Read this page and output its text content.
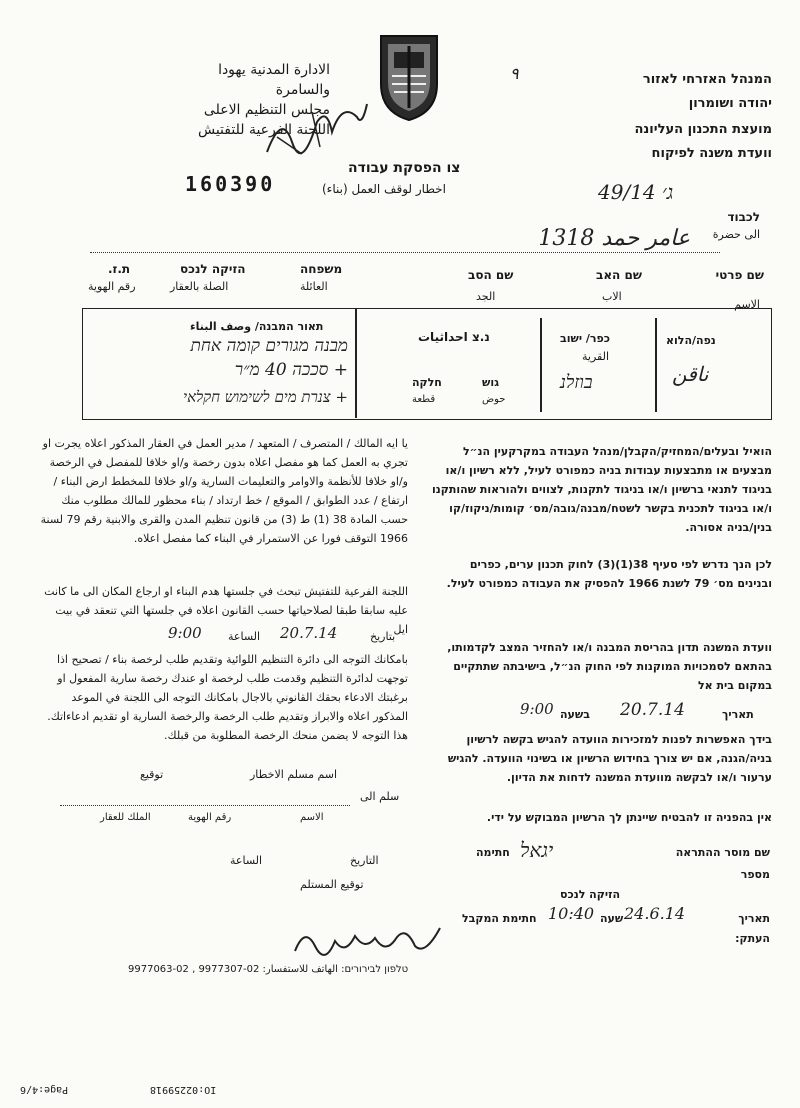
המנהל האזרחי לאזור
יהודה ושומרון
מועצת התכנון העליונה
וועדת משנה לפיקוח
٩
الادارة المدنية يهودا
والسامرة
مجلس التنظيم الاعلى
اللجنة الفرعية للتفتيش
צו הפסקת עבודה
اخطار لوقف العمل (بناء)
160390	ג׳ 49/14
לכבוד
الى حضرة
عامر حمد 1318
שם פרטי
الاسم
שם האב
الاب
שם הסב
الجد
משפחה
العائلة
הזיקה לנכס
الصلة بالعقار
ת.ז.
رقم الهوية
נפה/הלוא
ناقن
כפר/ ישוב
القرية
בוזלנ
נ.צ احداثيات
גוש
حوض
חלקה
قطعة
תאור המבנה/ وصف البناء
מבנה מגורים קומה אחת
+ סככה 40 מ״ר
+ צנרת מים לשימוש חקלאי
הואיל ובעלים/המחזיק/הקבלן/מנהל העבודה במקרקעין הנ״ל מבצעים או מתבצעות עבודות בניה כמפורט לעיל, ללא רשיון ו/או בניגוד לתנאי ברשיון ו/או בניגוד לתקנות, לצווים ולהוראות שהותקנו ו/או בניגוד לתכנית בקשר לשטח/מבנה/גובה/מס׳ קומות/ניקוז/קו בנין/בניה אסורה.
לכן הנך נדרש לפי סעיף 38(1)(3) לחוק תכנון ערים, כפרים ובנינים מס׳ 79 לשנת 1966 להפסיק את העבודה כמפורט לעיל.
וועדת המשנה תדון בהריסת המבנה ו/או להחזיר המצב לקדמותו, בהתאם לסמכויות המוקנות לפי החוק הנ״ל, בישיבתה שתתקיים במקום בית אל
תאריך
20.7.14
בשעה
9:00
בידך האפשרות לפנות למזכירות הוועדה להגיש בקשה לרשיון בניה/הגנה, אם יש צורך בחידוש הרשיון או בשינוי הוועדה. להגיש ערעור ו/או לבקשה מוועדת המשנה לדחות את הדיון.
אין בהפניה זו להבטיח שיינתן לך הרשיון המבוקש על ידי.
שם מוסר ההתראה
יגאל
חתימה
מספר
הזיקה לנכס
תאריך
24.6.14
שעה
10:40
חתימת המקבל
העתק:
يا ايه المالك / المتصرف / المتعهد / مدير العمل في العقار المذكور اعلاه يجرت او تجري به العمل كما هو مفصل اعلاه بدون رخصة و/او خلافا للمفصل في الرخصة و/او خلافا للأنظمة والاوامر والتعليمات السارية و/او خلافا للمخطط ارض البناء / ارتفاع / عدد الطوابق / الموقع / خط ارتداد / بناء محظور للمالك مطلوب منك حسب المادة 38 (1) ط (3) من قانون تنظيم المدن والقرى والابنية رقم 79 لسنة 1966 التوقف فورا عن الاستمرار في البناء كما مفصل اعلاه.
اللجنة الفرعية للتفتيش تبحث في جلستها هدم البناء او ارجاع المكان الى ما كانت عليه سابقا طبقا لصلاحياتها حسب القانون اعلاه في جلستها التي تنعقد في بيت ايل
بتاريخ
20.7.14
الساعة
9:00
بامكانك التوجه الى دائرة التنظيم اللوائية وتقديم طلب لرخصة بناء / تصحيح اذا توجهت لدائرة التنظيم وقدمت طلب لرخصة او عندك رخصة سارية المفعول او برغبتك الادعاء بحقك القانوني بالاجال بامكانك التوجه الى اللجنة في الموعد المذكور اعلاه والابراز وتقديم طلب الرخصة والرخصة السارية او تقديم ادعاءاتك. هذا التوجه لا يضمن منحك الرخصة المطلوبة من قبلك.
اسم مسلم الاخطار
توقيع
سلم الى
الاسم
رقم الهوية
الملك للعقار
التاريخ
الساعة
توقيع المستلم
טלפון לבירורים: الهاتف للاستفسار: 02-9977307 , 02-9977063
Page:4/6	IO:02259918
